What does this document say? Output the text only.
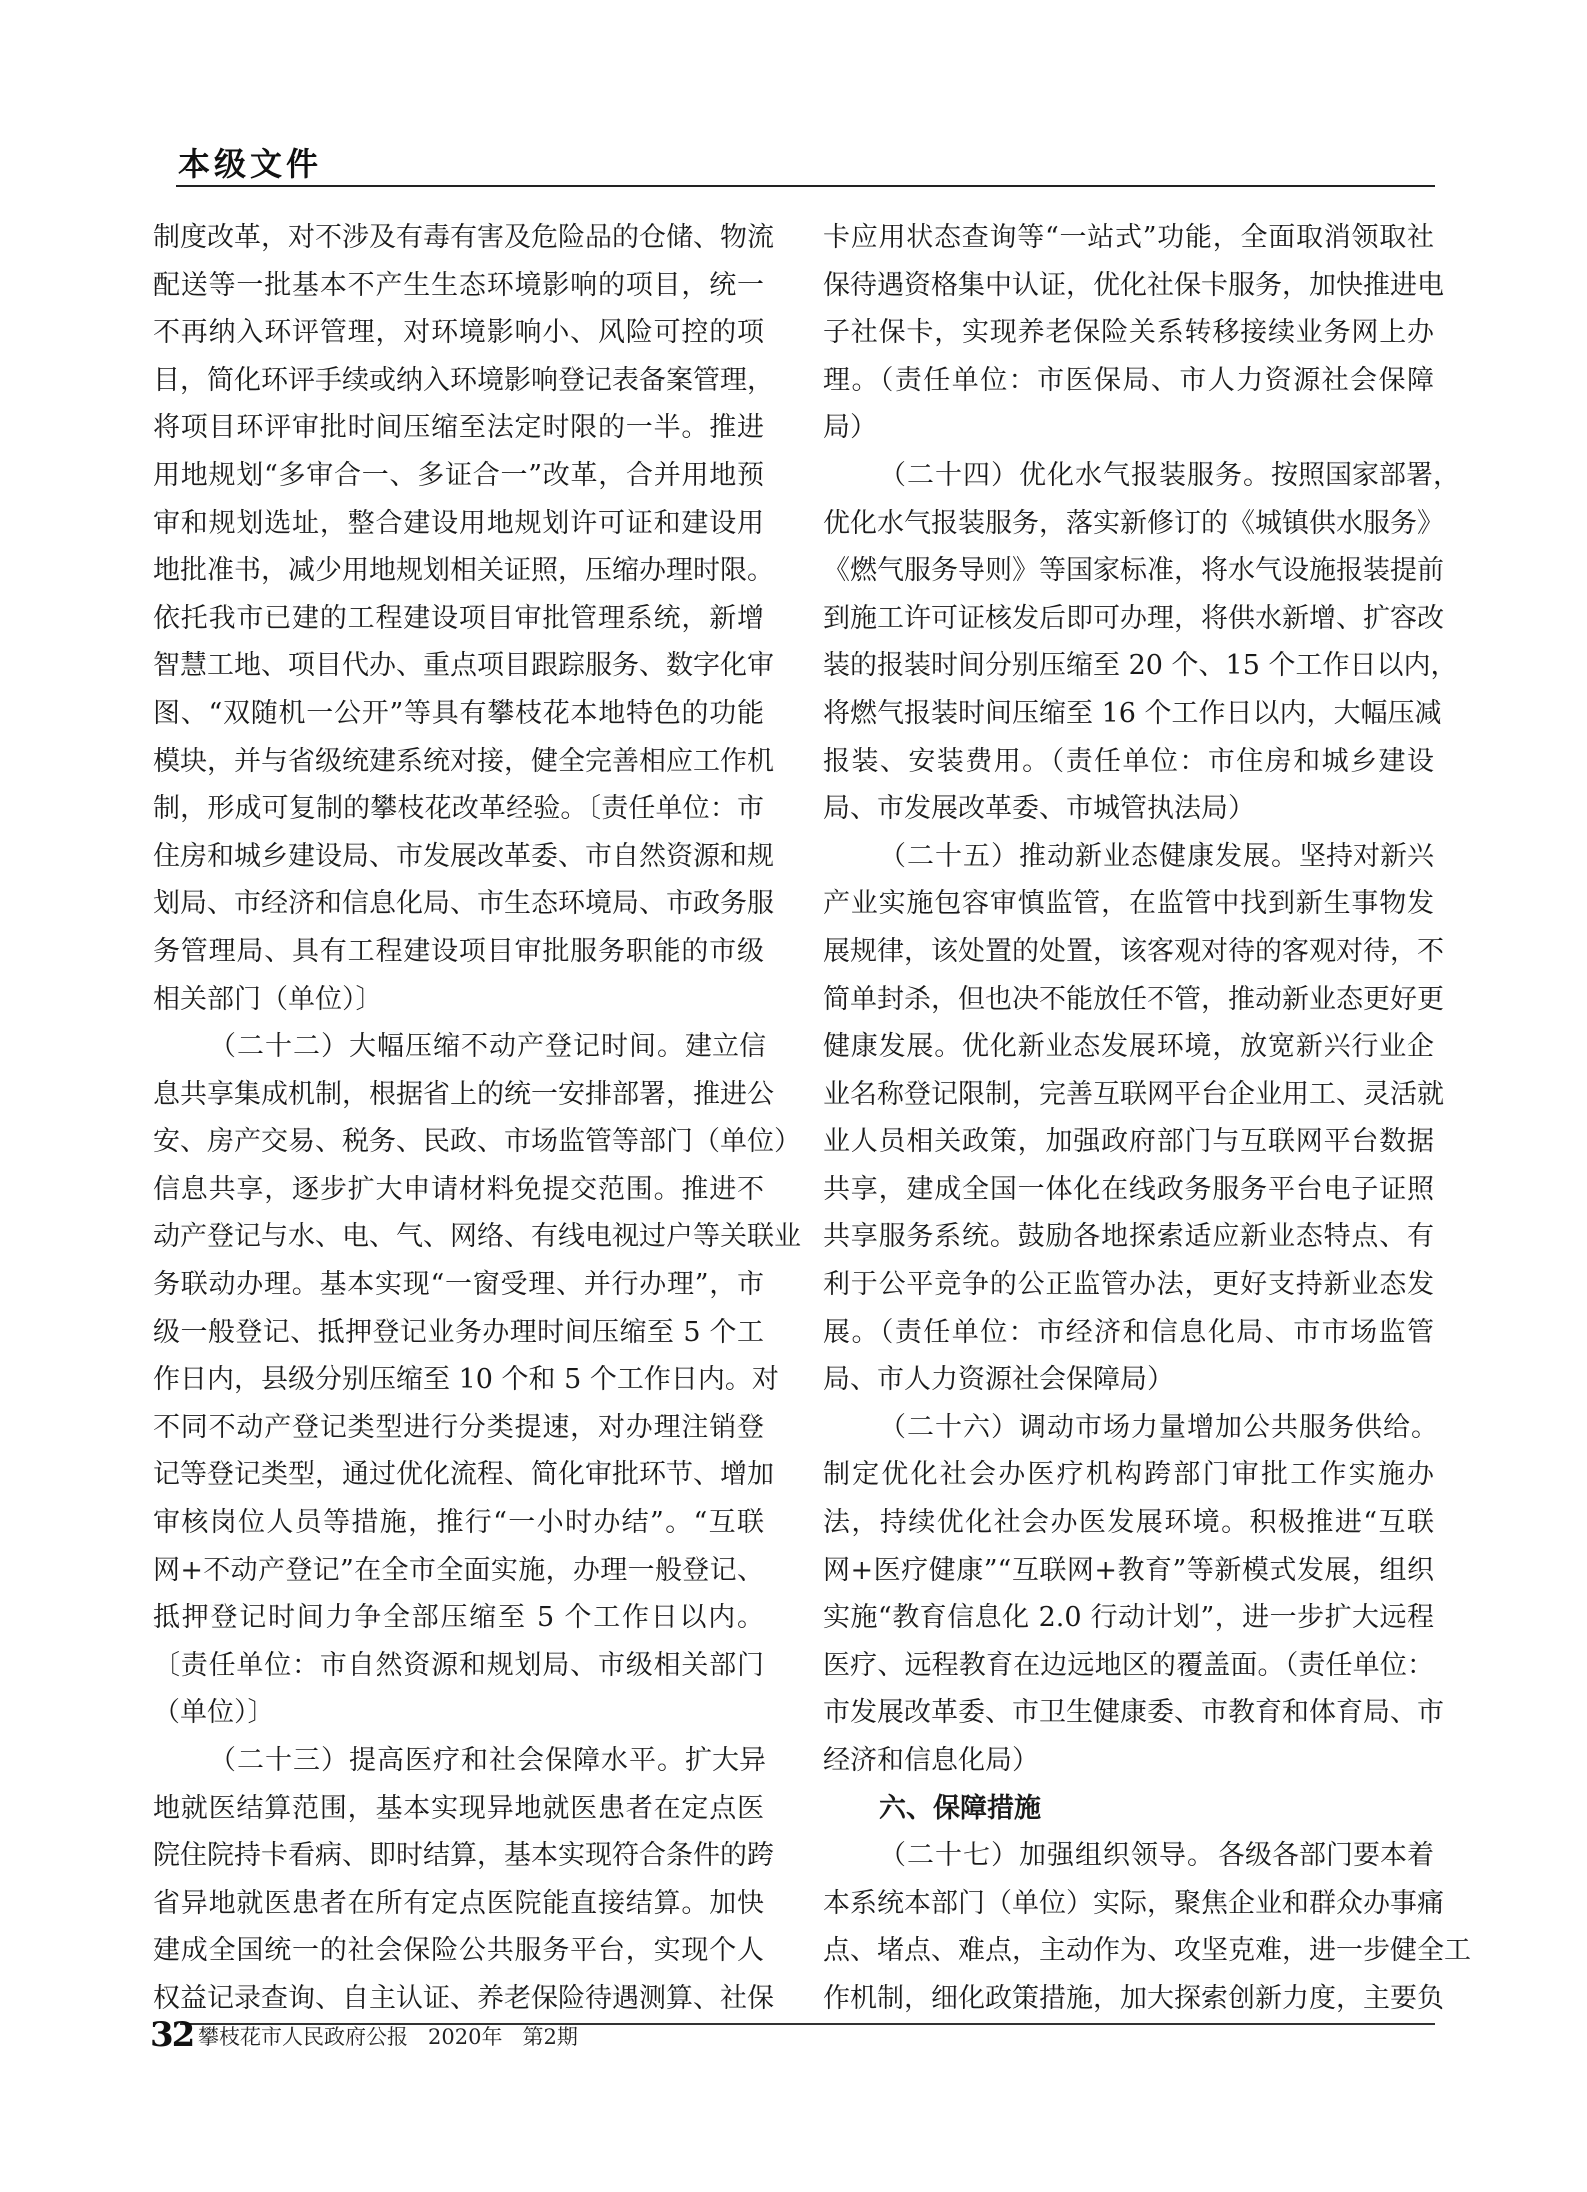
本级文件
制度改革，对不涉及有毒有害及危险品的仓储、物流
配送等一批基本不产生生态环境影响的项目，统一
不再纳入环评管理，对环境影响小、风险可控的项
目，简化环评手续或纳入环境影响登记表备案管理，
将项目环评审批时间压缩至法定时限的一半。推进
用地规划“多审合一、多证合一”改革，合并用地预
审和规划选址，整合建设用地规划许可证和建设用
地批准书，减少用地规划相关证照，压缩办理时限。
依托我市已建的工程建设项目审批管理系统，新增
智慧工地、项目代办、重点项目跟踪服务、数字化审
图、“双随机一公开”等具有攀枝花本地特色的功能
模块，并与省级统建系统对接，健全完善相应工作机
制，形成可复制的攀枝花改革经验。〔责任单位：市
住房和城乡建设局、市发展改革委、市自然资源和规
划局、市经济和信息化局、市生态环境局、市政务服
务管理局、具有工程建设项目审批服务职能的市级
相关部门（单位）〕
（二十二）大幅压缩不动产登记时间。 建立信
息共享集成机制，根据省上的统一安排部署，推进公
安、房产交易、税务、民政、市场监管等部门（单位）
信息共享，逐步扩大申请材料免提交范围。推进不
动产登记与水、电、气、网络、有线电视过户等关联业
务联动办理。基本实现“一窗受理、并行办理”，市
级一般登记、抵押登记业务办理时间压缩至 5 个工
作日内，县级分别压缩至 10 个和 5 个工作日内。对
不同不动产登记类型进行分类提速，对办理注销登
记等登记类型，通过优化流程、简化审批环节、增加
审核岗位人员等措施，推行“一小时办结”。“互联
网+不动产登记”在全市全面实施，办理一般登记、
抵押登记时间力争全部压缩至 5 个工作日以内。
〔责任单位：市自然资源和规划局、市级相关部门
（单位）〕
（二十三）提高医疗和社会保障水平。 扩大异
地就医结算范围，基本实现异地就医患者在定点医
院住院持卡看病、即时结算，基本实现符合条件的跨
省异地就医患者在所有定点医院能直接结算。加快
建成全国统一的社会保险公共服务平台，实现个人
权益记录查询、自主认证、养老保险待遇测算、社保
卡应用状态查询等“一站式”功能，全面取消领取社
保待遇资格集中认证，优化社保卡服务，加快推进电
子社保卡，实现养老保险关系转移接续业务网上办
理。（责任单位：市医保局、市人力资源社会保障
局）
（二十四）优化水气报装服务。 按照国家部署，
优化水气报装服务，落实新修订的《城镇供水服务》
《燃气服务导则》等国家标准，将水气设施报装提前
到施工许可证核发后即可办理，将供水新增、扩容改
装的报装时间分别压缩至 20 个、15 个工作日以内，
将燃气报装时间压缩至 16 个工作日以内，大幅压减
报装、安装费用。（责任单位：市住房和城乡建设
局、市发展改革委、市城管执法局）
（二十五）推动新业态健康发展。 坚持对新兴
产业实施包容审慎监管，在监管中找到新生事物发
展规律，该处置的处置，该客观对待的客观对待，不
简单封杀，但也决不能放任不管，推动新业态更好更
健康发展。优化新业态发展环境，放宽新兴行业企
业名称登记限制，完善互联网平台企业用工、灵活就
业人员相关政策，加强政府部门与互联网平台数据
共享，建成全国一体化在线政务服务平台电子证照
共享服务系统。鼓励各地探索适应新业态特点、有
利于公平竞争的公正监管办法，更好支持新业态发
展。（责任单位：市经济和信息化局、市市场监管
局、市人力资源社会保障局）
（二十六）调动市场力量增加公共服务供给。
制定优化社会办医疗机构跨部门审批工作实施办
法，持续优化社会办医发展环境。积极推进“互联
网+医疗健康”“互联网+教育”等新模式发展，组织
实施“教育信息化 2.0 行动计划”，进一步扩大远程
医疗、远程教育在边远地区的覆盖面。（责任单位：
市发展改革委、市卫生健康委、市教育和体育局、市
经济和信息化局）
六、保障措施
（二十七）加强组织领导。 各级各部门要本着
本系统本部门（单位）实际，聚焦企业和群众办事痛
点、堵点、难点，主动作为、攻坚克难，进一步健全工
作机制，细化政策措施，加大探索创新力度，主要负
32 攀枝花市人民政府公报 2020年 第2期
